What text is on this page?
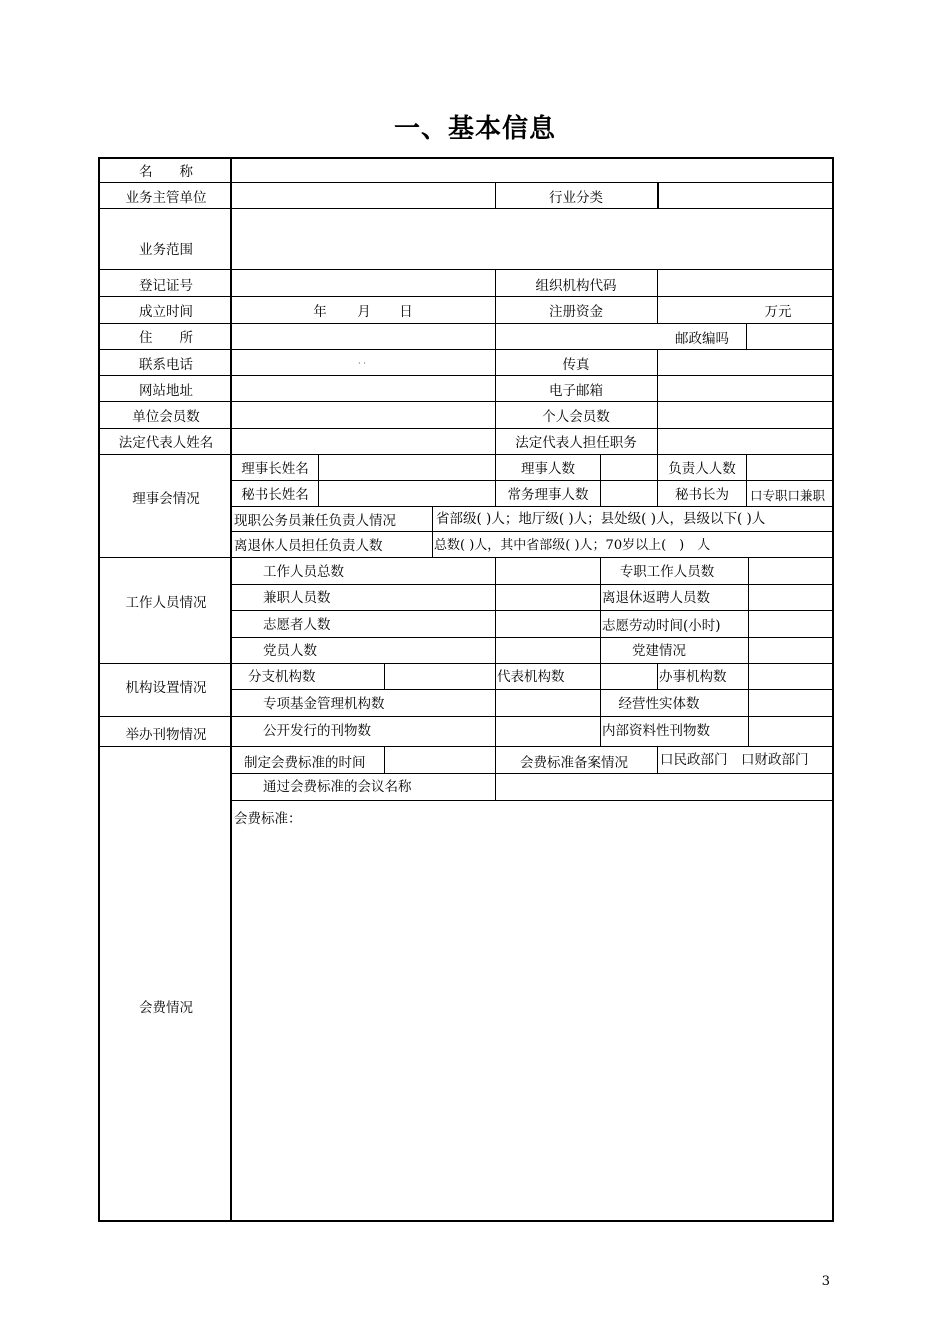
一、基本信息
名　　称
业务主管单位	行业分类
业务范围
登记证号	组织机构代码
成立时间	年 月 日	注册资金	万元
住　　所	邮政编吗
联系电话	· ·	传真
网站地址	电子邮箱
单位会员数	个人会员数
法定代表人姓名	法定代表人担任职务
理事会情况
理事长姓名	理事人数	负责人人数
秘书长姓名	常务理事人数	秘书长为 口专职口兼职
现职公务员兼任负责人情况	省部级( )人；地厅级( )人；县处级( )人，县级以下( )人
离退休人员担任负责人数	总数( )人，其中省部级( )人；70岁以上(　)　人
工作人员情况
工作人员总数	专职工作人员数
兼职人员数	离退休返聘人员数
志愿者人数	志愿劳动时间(小时)
党员人数	党建情况
机构设置情况
分支机构数	代表机构数	办事机构数
专项基金管理机构数	经营性实体数
举办刊物情况	公开发行的刊物数	内部资料性刊物数
会费情况
制定会费标准的时间	会费标准备案情况 口民政部门　口财政部门
通过会费标准的会议名称
会费标准：
3
